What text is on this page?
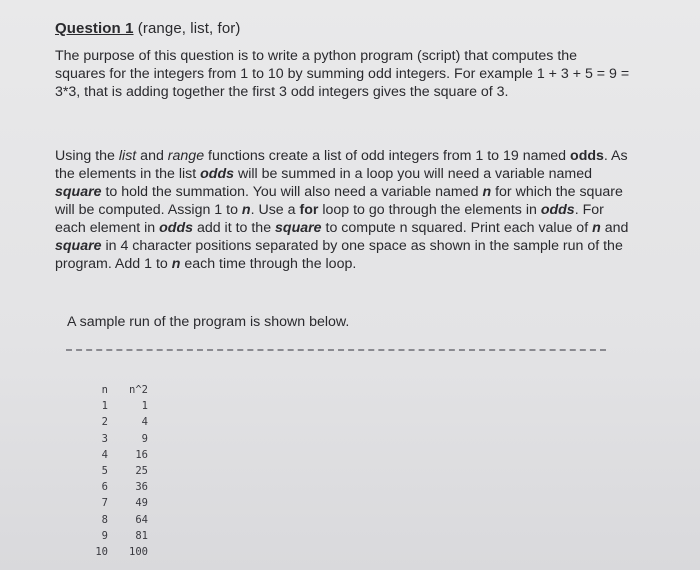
Question 1 (range, list, for)
The purpose of this question is to write a python program (script) that computes the squares for the integers from 1 to 10 by summing odd integers. For example 1 + 3 + 5 = 9 = 3*3, that is adding together the first 3 odd integers gives the square of 3.
Using the list and range functions create a list of odd integers from 1 to 19 named odds. As the elements in the list odds will be summed in a loop you will need a variable named square to hold the summation. You will also need a variable named n for which the square will be computed. Assign 1 to n. Use a for loop to go through the elements in odds. For each element in odds add it to the square to compute n squared. Print each value of n and square in 4 character positions separated by one space as shown in the sample run of the program. Add 1 to n each time through the loop.
A sample run of the program is shown below.
n	n^2
1	1
2	4
3	9
4	16
5	25
6	36
7	49
8	64
9	81
10	100
